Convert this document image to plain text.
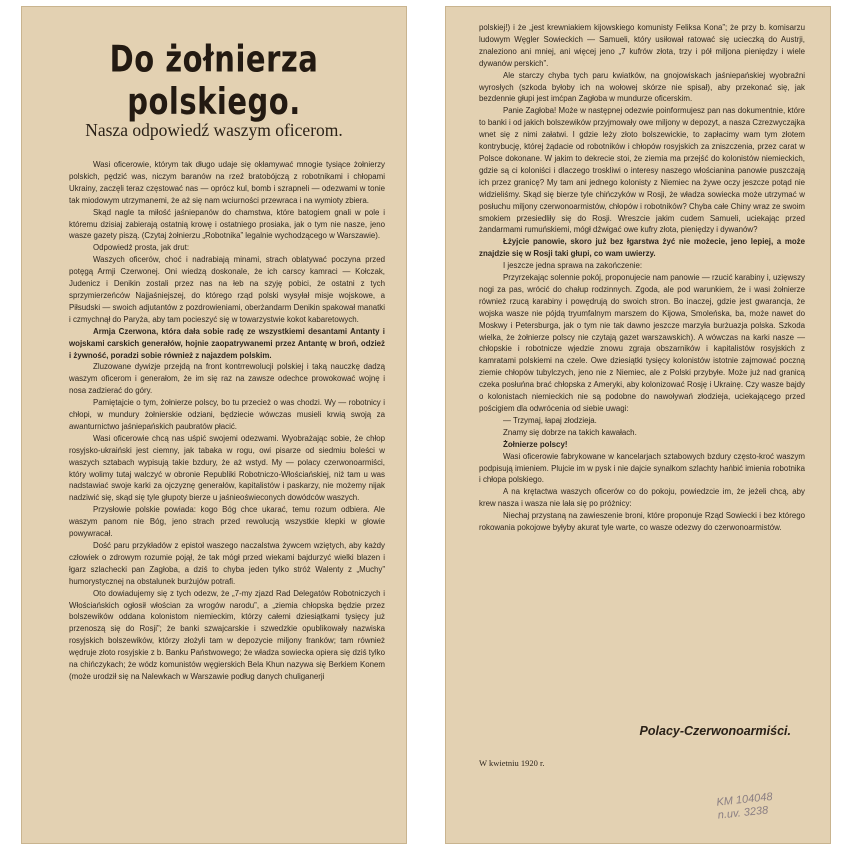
Do żołnierza polskiego.
Nasza odpowiedź waszym oficerom.

Wasi oficerowie, którym tak długo udaje się okłamywać mnogie tysiące żołnierzy polskich, pędzić was, niczym baranów na rzeź bratobójczą z robotnikami i chłopami Ukrainy, zaczęli teraz częstować nas — oprócz kul, bomb i szrapneli — odezwami w tonie tak miodowym utrzymanemi, że aż się nam wciurności przewraca i na wymioty zbiera.

Skąd nagle ta miłość jaśniepanów do chamstwa, które batogiem gnali w pole i któremu dzisiaj zabierają ostatnią krowę i ostatniego prosiaka, jak o tym nie nasze, jeno wasze gazety piszą. (Czytaj żołnierzu „Robotnika” legalnie wychodzącego w Warszawie).

Odpowiedź prosta, jak drut:

Waszych oficerów, choć i nadrabiają minami, strach oblatywać poczyna przed potęgą Armji Czerwonej. Oni wiedzą doskonale, że ich carscy kamraci — Kołczak, Judenicz i Denikin zostali przez nas na łeb na szyję pobici, że ostatni z tych sprzymierzeńców Najjaśniejszej, do którego rząd polski wysyłał misje wojskowe, a Piłsudski — swoich adjutantów z pozdrowieniami, oberżandarm Denikin spakował manatki i czmychnął do Paryża, aby tam pocieszyć się w towarzystwie kokot kabaretowych.

Armja Czerwona, która dała sobie radę ze wszystkiemi desantami Antanty i wojskami carskich generałów, hojnie zaopatrywanemi przez Antantę w broń, odzież i żywność, poradzi sobie również z najazdem polskim.

Zluzowane dywizje przejdą na front kontrrewolucji polskiej i taką nauczkę dadzą waszym oficerom i generałom, że im się raz na zawsze odechce prowokować wojnę i nosa zadzierać do góry.

Pamiętajcie o tym, żołnierze polscy, bo tu przecież o was chodzi. Wy — robotnicy i chłopi, w mundury żołnierskie odziani, będziecie wówczas musieli krwią swoją za awanturnictwo jaśniepańskich paubratów płacić.

Wasi oficerowie chcą nas uśpić swojemi odezwami. Wyobrażając sobie, że chłop rosyjsko-ukraiński jest ciemny, jak tabaka w rogu, owi pisarze od siedmiu boleści w waszych sztabach wypisują takie bzdury, że aż wstyd. My — polacy czerwonoarmiści, który wolimy tutaj walczyć w obronie Republiki Robotniczo-Włościańskiej, niż tam u was nadstawiać swoje karki za ojczyznę generałów, kapitalistów i paskarzy, nie możemy nijak nadziwić się, skąd się tyle głupoty bierze u jaśnieoświeconych dowódców waszych.

Przysłowie polskie powiada: kogo Bóg chce ukarać, temu rozum odbiera. Ale waszym panom nie Bóg, jeno strach przed rewolucją wszystkie klepki w głowie powywracał.

Dość paru przykładów z epistoł waszego naczalstwa żywcem wziętych, aby każdy człowiek o zdrowym rozumie pojął, że tak mógł przed wiekami bajdurzyć wielki blazen i łgarz szlachecki pan Zagłoba, a dziś to chyba jeden tylko stróż Walenty z „Muchy” humorystycznej na obstalunek burżujów potrafi.

Oto dowiadujemy się z tych odezw, że „7-my zjazd Rad Delegatów Robotniczych i Włościańskich ogłosił włościan za wrogów narodu”, a „ziemia chłopska będzie przez bolszewików oddana kolonistom niemieckim, którzy całemi dziesiątkami tysięcy już przenoszą się do Rosji”; że banki szwajcarskie i szwedzkie opublikowały nazwiska rosyjskich bolszewików, którzy złożyli tam w depozycie miljony franków; tam również wędruje złoto rosyjskie z b. Banku Państwowego; że władza sowiecka opiera się dziś tylko na chińczykach; że wódz komunistów węgierskich Bela Khun nazywa się Berkiem Konem (może urodził się na Nalewkach w Warszawie podług danych chuliganerji

polskiej!) i że „jest krewniakiem kijowskiego komunisty Feliksa Kona”; że przy b. komisarzu ludowym Węgler Sowieckich — Samueli, który usiłował ratować się ucieczką do Austrji, znaleziono ani mniej, ani więcej jeno „7 kufrów złota, trzy i pół miljona pieniędzy i wiele dywanów perskich”.

Ale starczy chyba tych paru kwiatków, na gnojowiskach jaśniepańskiej wyobraźni wyrosłych (szkoda byłoby ich na wołowej skórze nie spisał), aby przekonać się, jak bezdennie głupi jest imćpan Zagłoba w mundurze oficerskim.

Panie Zagłoba! Może w następnej odezwie poinformujesz pan nas dokumentnie, które to banki i od jakich bolszewików przyjmowały owe miljony w depozyt, a nasza Czrezwyczajka wnet się z nimi załatwi. I gdzie leży złoto bolszewickie, to zapłacimy wam tym złotem kontrybucję, której żądacie od robotników i chłopów rosyjskich za zniszczenia, przez carat w Polsce dokonane. W jakim to dekrecie stoi, że ziemia ma przejść do kolonistów niemieckich, gdzie są ci koloniści i dlaczego troskliwi o interesy naszego włościanina panowie puszczają ich przez granicę? My tam ani jednego kolonisty z Niemiec na żywe oczy jeszcze potąd nie widzieliśmy. Skąd się bierze tyle chińczyków w Rosji, że władza sowiecka może utrzymać w posłuchu miljony czerwonoarmistów, chłopów i robotników? Chyba całe Chiny wraz ze swoim smokiem przesiedliły się do Rosji. Wreszcie jakim cudem Samueli, uciekając przed żandarmami rumuńskiemi, mógł dźwigać owe kufry złota, pieniędzy i dywanów?

Łżyjcie panowie, skoro już bez łgarstwa żyć nie możecie, jeno lepiej, a może znajdzie się w Rosji taki głupi, co wam uwierzy.

I jeszcze jedna sprawa na zakończenie:

Przyrzekając solennie pokój, proponujecie nam panowie — rzucić karabiny i, uzięwszy nogi za pas, wrócić do chałup rodzinnych. Zgoda, ale pod warunkiem, że i wasi żołnierze również rzucą karabiny i powędrują do swoich stron. Bo inaczej, gdzie jest gwarancja, że wojska wasze nie pójdą tryumfalnym marszem do Kijowa, Smoleńska, ba, może nawet do Moskwy i Petersburga, jak o tym nie tak dawno jeszcze marzyła burżuazja polska. Szkoda wielka, że żołnierze polscy nie czytają gazet warszawskich). A wówczas na karki nasze — chłopskie i robotnicze wjedzie znowu zgraja obszarników i kapitalistów rosyjskich z kamratami polskiemi na czele. Owe dziesiątki tysięcy kolonistów istotnie zajmować poczną ziemie chłopów tubylczych, jeno nie z Niemiec, ale z Polski przybyłe. Może już nad granicą czeka posłuńna brać chłopska z Ameryki, aby kolonizować Rosję i Ukrainę. Czy wasze bajdy o kolonistach niemieckich nie są podobne do nawoływań złodzieja, uciekającego przed pościgiem dla odwrócenia od siebie uwagi:

— Trzymaj, łapaj złodzieja.

Znamy się dobrze na takich kawałach.

Żołnierze polscy!

Wasi oficerowie fabrykowane w kancelarjach sztabowych bzdury często-kroć waszym podpisują imieniem. Plujcie im w pysk i nie dajcie synalkom szlachty haṅbić imienia robotnika i chłopa polskiego.

A na krętactwa waszych oficerów co do pokoju, powiedzcie im, że jeżeli chcą, aby krew nasza i wasza nie lała się po próżnicy:

Niechaj przystaną na zawieszenie broni, które proponuje Rząd Sowiecki i bez którego rokowania pokojowe byłyby akurat tyle warte, co wasze odezwy do czerwonoarmistów.

Polacy-Czerwonoarmiści.
W kwietniu 1920 r.
KM 104048
n.uv. 3238
